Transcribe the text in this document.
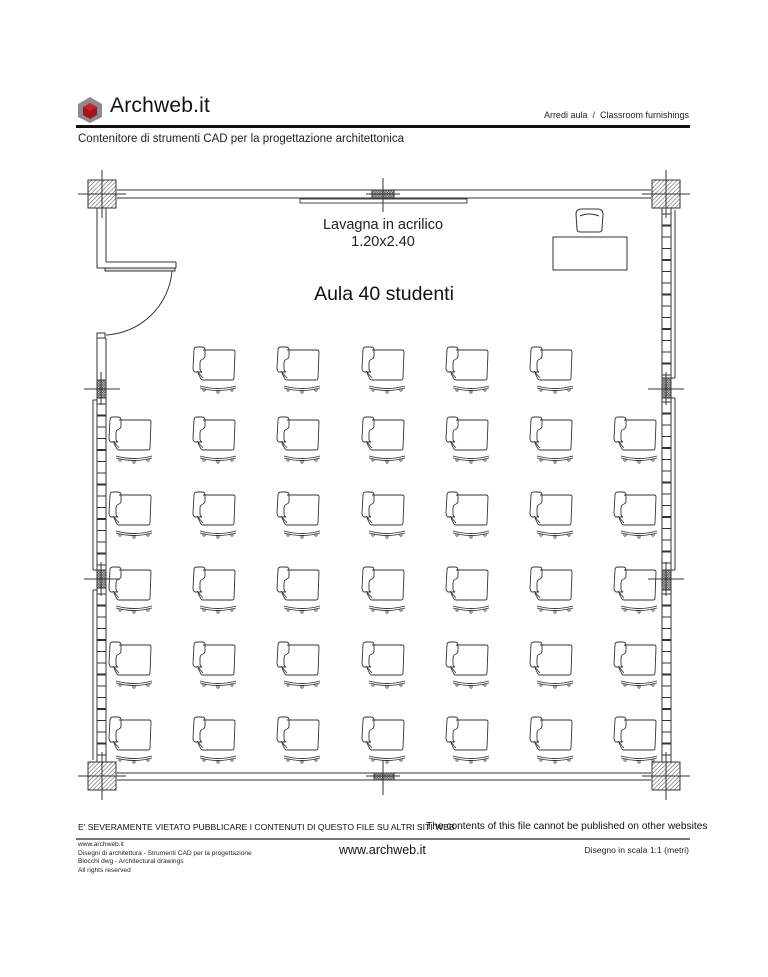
Archweb.it	Arredi aula  /  Classroom furnishings
Contenitore di strumenti CAD per la progettazione architettonica
Lavagna in acrilico
1.20x2.40
Aula 40 studenti
E' SEVERAMENTE VIETATO PUBBLICARE I CONTENUTI DI QUESTO FILE SU ALTRI SITI WEB
The contents of this file cannot be published on other websites
www.archweb.it
Disegni di architettura - Strumenti CAD per la progettazione
Blocchi dwg - Architectural drawings
All rights reserved
www.archweb.it	Disegno in scala 1:1 (metri)
